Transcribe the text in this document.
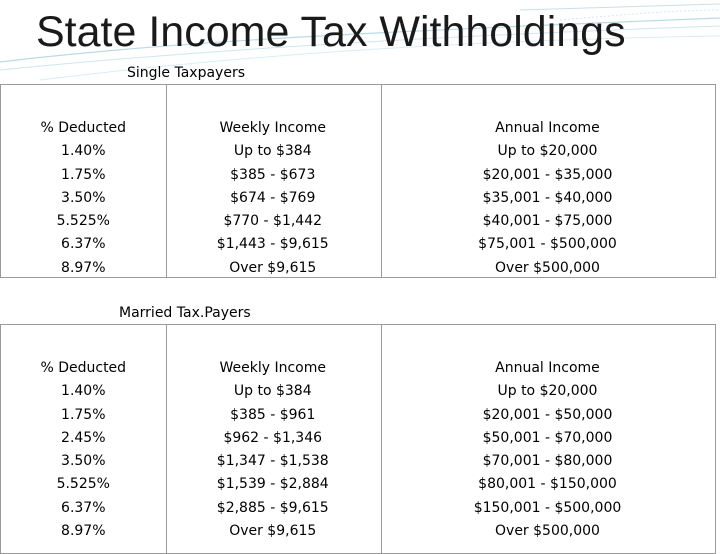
State Income Tax Withholdings
Single Taxpayers
% Deducted
1.40%
1.75%
3.50%
5.525%
6.37%
8.97%
Weekly Income
Up to $384
$385 - $673
$674 - $769
$770 - $1,442
$1,443 - $9,615
Over $9,615
Annual Income
Up to $20,000
$20,001 - $35,000
$35,001 - $40,000
$40,001 - $75,000
$75,001 - $500,000
Over $500,000
Married Tax.Payers
% Deducted
1.40%
1.75%
2.45%
3.50%
5.525%
6.37%
8.97%
Weekly Income
Up to $384
$385 - $961
$962 - $1,346
$1,347 - $1,538
$1,539 - $2,884
$2,885 - $9,615
Over $9,615
Annual Income
Up to $20,000
$20,001 - $50,000
$50,001 - $70,000
$70,001 - $80,000
$80,001 - $150,000
$150,001 - $500,000
Over $500,000
